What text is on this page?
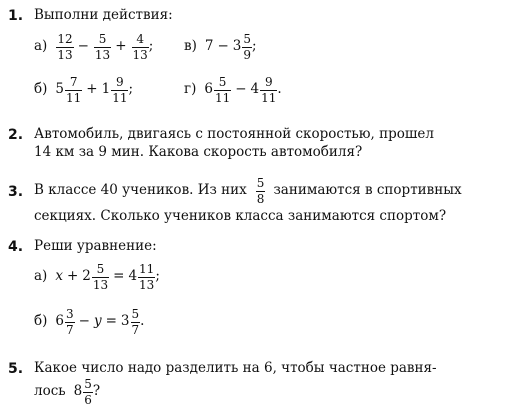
1. Выполни действия:
$а) \frac{12}{13} - \frac{5}{13} + \frac{4}{13}$ ; в) $7 - 3 \frac{5}{9}$ ;
б) $5 \frac{7}{11} + 1 \frac{9}{11}$ ;	г) $6 \frac{5}{11} - 4 \frac{9}{11}$ .
2. Автомобиль, двигаясь с постоянной скоростью, прошел
14 км за 9 мин. Какова скорость автомобиля?
3. В классе 40 учеников. Из них $\frac{5}{8}$ занимаются в спортивных
секциях. Сколько учеников класса занимаются спортом?
4. Реши уравнение:
а) $x + 2 \frac{5}{13} = 4 \frac{11}{13}$ ;
б) $6 \frac{3}{7} - y = 3 \frac{5}{7}$ .
5. Какое число надо разделить на 6, чтобы частное равня-
лось $8 \frac{5}{6}$ ?
